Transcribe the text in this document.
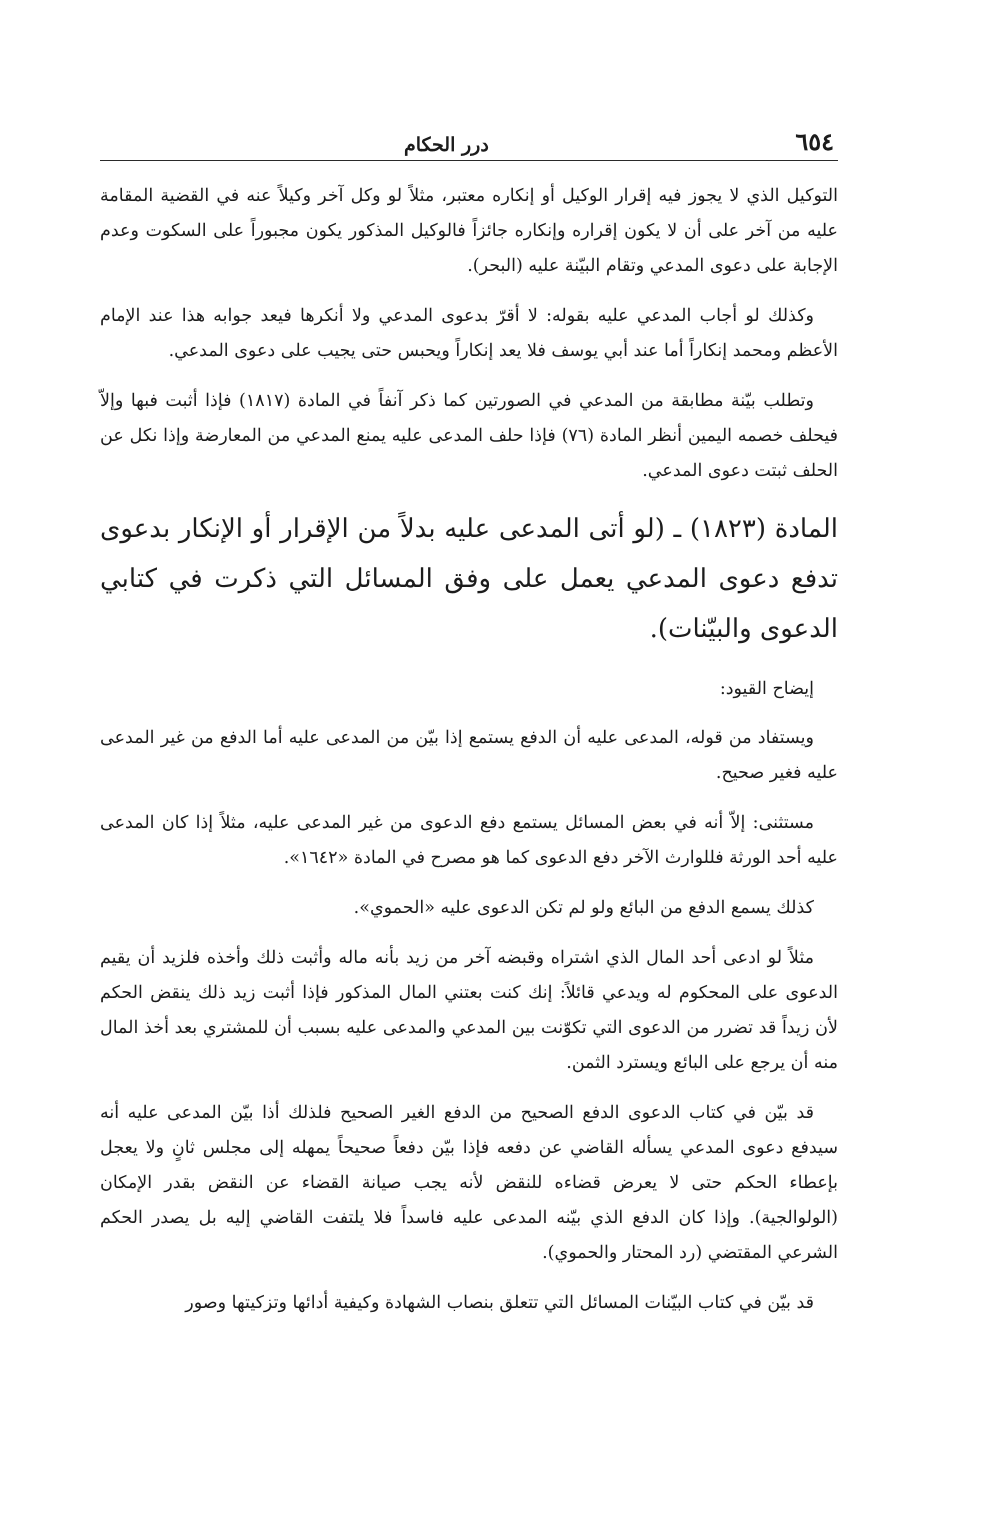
٦٥٤
درر الحكام

التوكيل الذي لا يجوز فيه إقرار الوكيل أو إنكاره معتبر، مثلاً لو وكل آخر وكيلاً عنه في القضية المقامة عليه من آخر على أن لا يكون إقراره وإنكاره جائزاً فالوكيل المذكور يكون مجبوراً على السكوت وعدم الإجابة على دعوى المدعي وتقام البيّنة عليه (البحر).

وكذلك لو أجاب المدعي عليه بقوله: لا أقرّ بدعوى المدعي ولا أنكرها فيعد جوابه هذا عند الإمام الأعظم ومحمد إنكاراً أما عند أبي يوسف فلا يعد إنكاراً ويحبس حتى يجيب على دعوى المدعي.

وتطلب بيّنة مطابقة من المدعي في الصورتين كما ذكر آنفاً في المادة (١٨١٧) فإذا أثبت فبها وإلاّ فيحلف خصمه اليمين أنظر المادة (٧٦) فإذا حلف المدعى عليه يمنع المدعي من المعارضة وإذا نكل عن الحلف ثبتت دعوى المدعي.

المادة (١٨٢٣) ـ (لو أتى المدعى عليه بدلاً من الإقرار أو الإنكار بدعوى تدفع دعوى المدعي يعمل على وفق المسائل التي ذكرت في كتابي الدعوى والبيّنات).

إيضاح القيود:

ويستفاد من قوله، المدعى عليه أن الدفع يستمع إذا بيّن من المدعى عليه أما الدفع من غير المدعى عليه فغير صحيح.

مستثنى: إلاّ أنه في بعض المسائل يستمع دفع الدعوى من غير المدعى عليه، مثلاً إذا كان المدعى عليه أحد الورثة فللوارث الآخر دفع الدعوى كما هو مصرح في المادة «١٦٤٢».

كذلك يسمع الدفع من البائع ولو لم تكن الدعوى عليه «الحموي».

مثلاً لو ادعى أحد المال الذي اشتراه وقبضه آخر من زيد بأنه ماله وأثبت ذلك وأخذه فلزيد أن يقيم الدعوى على المحكوم له ويدعي قائلاً: إنك كنت بعتني المال المذكور فإذا أثبت زيد ذلك ينقض الحكم لأن زيداً قد تضرر من الدعوى التي تكوّنت بين المدعي والمدعى عليه بسبب أن للمشتري بعد أخذ المال منه أن يرجع على البائع ويسترد الثمن.

قد بيّن في كتاب الدعوى الدفع الصحيح من الدفع الغير الصحيح فلذلك أذا بيّن المدعى عليه أنه سيدفع دعوى المدعي يسأله القاضي عن دفعه فإذا بيّن دفعاً صحيحاً يمهله إلى مجلس ثانٍ ولا يعجل بإعطاء الحكم حتى لا يعرض قضاءه للنقض لأنه يجب صيانة القضاء عن النقض بقدر الإمكان (الولوالجية). وإذا كان الدفع الذي بيّنه المدعى عليه فاسداً فلا يلتفت القاضي إليه بل يصدر الحكم الشرعي المقتضي (رد المحتار والحموي).

قد بيّن في كتاب البيّنات المسائل التي تتعلق بنصاب الشهادة وكيفية أدائها وتزكيتها وصور
